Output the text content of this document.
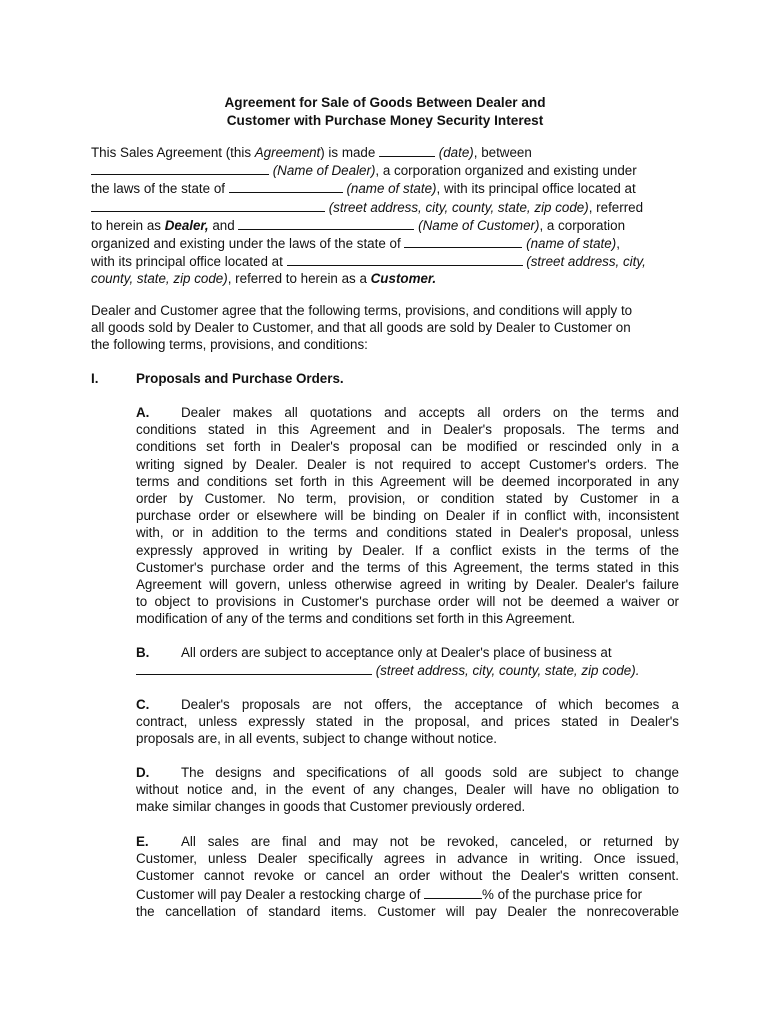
Agreement for Sale of Goods Between Dealer and
Customer with Purchase Money Security Interest
This Sales Agreement (this Agreement) is made	(date), between
(Name of Dealer), a corporation organized and existing under
the laws of the state of	(name of state), with its principal office located at
(street address, city, county, state, zip code), referred
to herein as Dealer, and	(Name of Customer), a corporation
organized and existing under the laws of the state of	(name of state),
with its principal office located at	(street address, city,
county, state, zip code), referred to herein as a Customer.
Dealer and Customer agree that the following terms, provisions, and conditions will apply to
all goods sold by Dealer to Customer, and that all goods are sold by Dealer to Customer on
the following terms, provisions, and conditions:
I.	Proposals and Purchase Orders.
A. Dealer makes all quotations and accepts all orders on the terms and
conditions stated in this Agreement and in Dealer's proposals. The terms and
conditions set forth in Dealer's proposal can be modified or rescinded only in a
writing signed by Dealer. Dealer is not required to accept Customer's orders. The
terms and conditions set forth in this Agreement will be deemed incorporated in any
order by Customer. No term, provision, or condition stated by Customer in a
purchase order or elsewhere will be binding on Dealer if in conflict with, inconsistent
with, or in addition to the terms and conditions stated in Dealer's proposal, unless
expressly approved in writing by Dealer. If a conflict exists in the terms of the
Customer's purchase order and the terms of this Agreement, the terms stated in this
Agreement will govern, unless otherwise agreed in writing by Dealer. Dealer's failure
to object to provisions in Customer's purchase order will not be deemed a waiver or
modification of any of the terms and conditions set forth in this Agreement.
B. All orders are subject to acceptance only at Dealer's place of business at
(street address, city, county, state, zip code).
C. Dealer's proposals are not offers, the acceptance of which becomes a
contract, unless expressly stated in the proposal, and prices stated in Dealer's
proposals are, in all events, subject to change without notice.
D. The designs and specifications of all goods sold are subject to change
without notice and, in the event of any changes, Dealer will have no obligation to
make similar changes in goods that Customer previously ordered.
E. All sales are final and may not be revoked, canceled, or returned by
Customer, unless Dealer specifically agrees in advance in writing. Once issued,
Customer cannot revoke or cancel an order without the Dealer's written consent.
Customer will pay Dealer a restocking charge of	% of the purchase price for
the cancellation of standard items. Customer will pay Dealer the nonrecoverable
